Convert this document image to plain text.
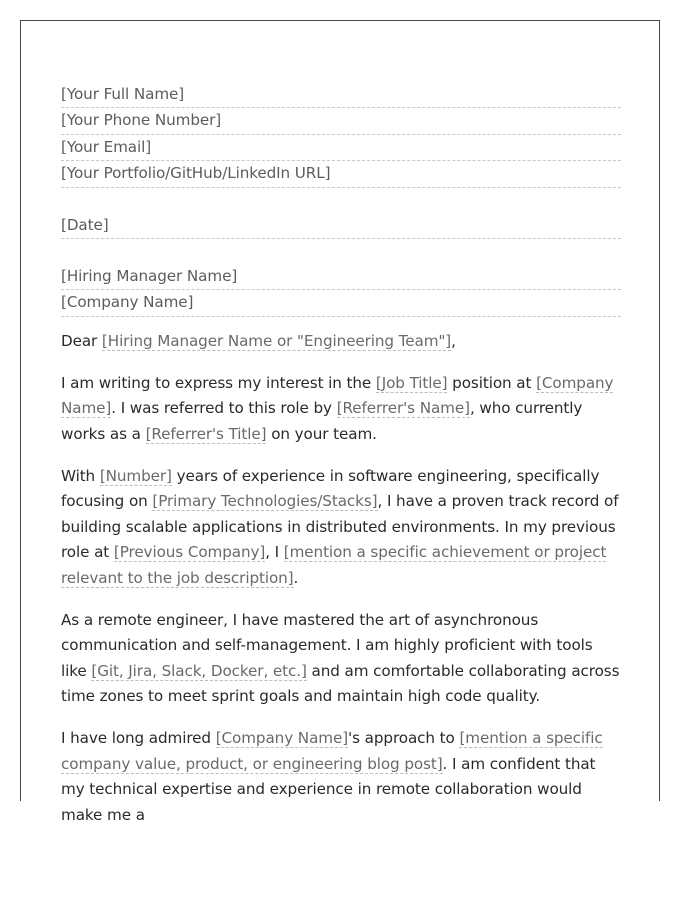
[Your Full Name]
[Your Phone Number]
[Your Email]
[Your Portfolio/GitHub/LinkedIn URL]
[Date]
[Hiring Manager Name]
[Company Name]
Dear [Hiring Manager Name or "Engineering Team"],

I am writing to express my interest in the [Job Title] position at [Company Name]. I was referred to this role by [Referrer's Name], who currently works as a [Referrer's Title] on your team.

With [Number] years of experience in software engineering, specifically focusing on [Primary Technologies/Stacks], I have a proven track record of building scalable applications in distributed environments. In my previous role at [Previous Company], I [mention a specific achievement or project relevant to the job description].

As a remote engineer, I have mastered the art of asynchronous communication and self-management. I am highly proficient with tools like [Git, Jira, Slack, Docker, etc.] and am comfortable collaborating across time zones to meet sprint goals and maintain high code quality.

I have long admired [Company Name]'s approach to [mention a specific company value, product, or engineering blog post]. I am confident that my technical expertise and experience in remote collaboration would make me a
